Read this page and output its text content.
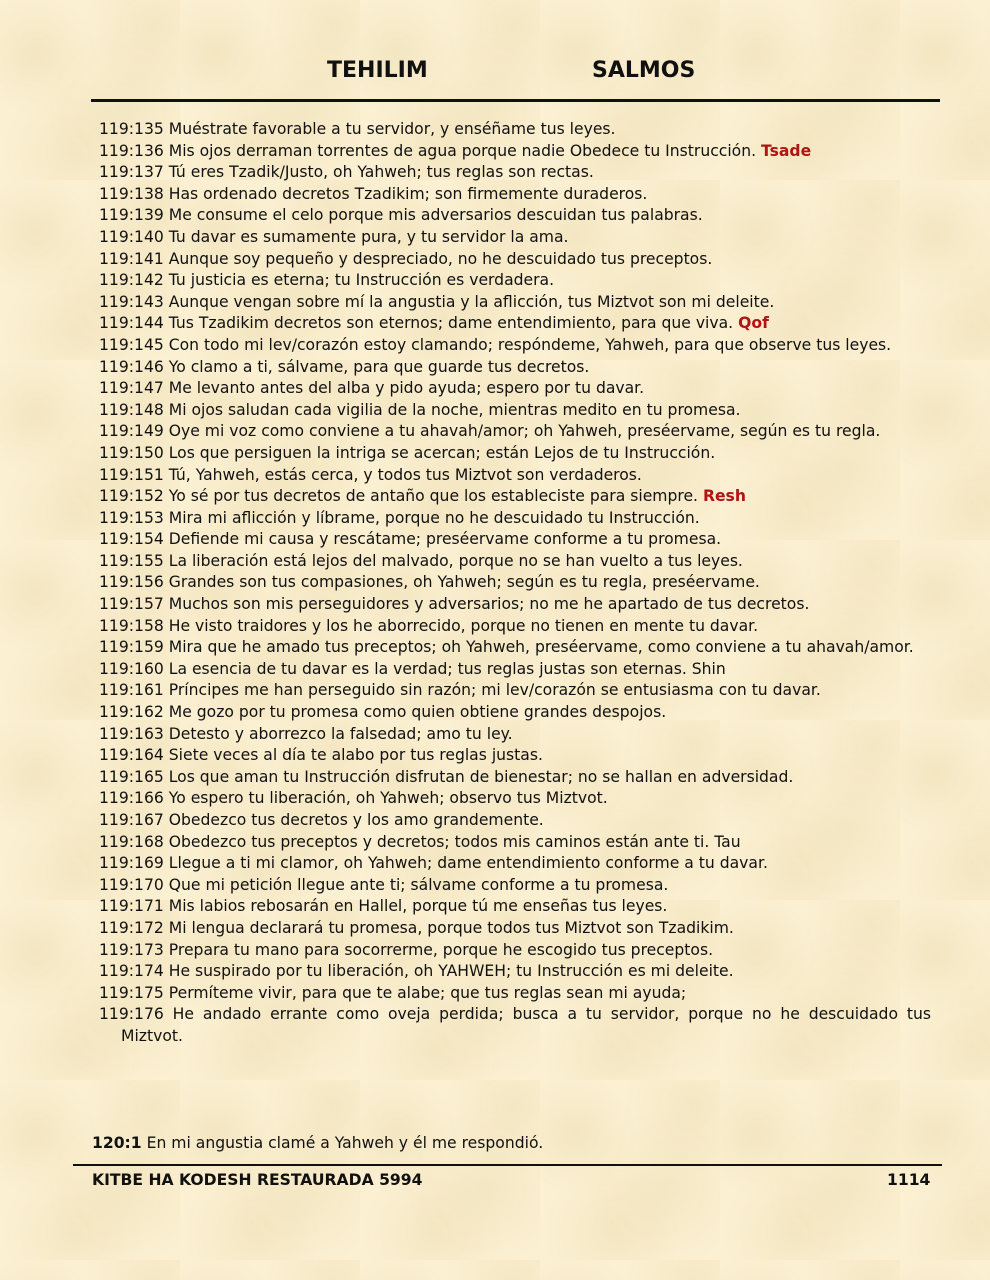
TEHILIM	SALMOS
119:135 Muéstrate favorable a tu servidor, y enséñame tus leyes.
119:136 Mis ojos derraman torrentes de agua porque nadie Obedece tu Instrucción. Tsade
119:137 Tú eres Tzadik/Justo, oh Yahweh; tus reglas son rectas.
119:138 Has ordenado decretos Tzadikim; son firmemente duraderos.
119:139 Me consume el celo porque mis adversarios descuidan tus palabras.
119:140 Tu davar es sumamente pura, y tu servidor la ama.
119:141 Aunque soy pequeño y despreciado, no he descuidado tus preceptos.
119:142 Tu justicia es eterna; tu Instrucción es verdadera.
119:143 Aunque vengan sobre mí la angustia y la aflicción, tus Miztvot son mi deleite.
119:144 Tus Tzadikim decretos son eternos; dame entendimiento, para que viva. Qof
119:145 Con todo mi lev/corazón estoy clamando; respóndeme, Yahweh, para que observe tus leyes.
119:146 Yo clamo a ti, sálvame, para que guarde tus decretos.
119:147 Me levanto antes del alba y pido ayuda; espero por tu davar.
119:148 Mi ojos saludan cada vigilia de la noche, mientras medito en tu promesa.
119:149 Oye mi voz como conviene a tu ahavah/amor; oh Yahweh, preséervame, según es tu regla.
119:150 Los que persiguen la intriga se acercan; están Lejos de tu Instrucción.
119:151 Tú, Yahweh, estás cerca, y todos tus Miztvot son verdaderos.
119:152 Yo sé por tus decretos de antaño que los estableciste para siempre. Resh
119:153 Mira mi aflicción y líbrame, porque no he descuidado tu Instrucción.
119:154 Defiende mi causa y rescátame; preséervame conforme a tu promesa.
119:155 La liberación está lejos del malvado, porque no se han vuelto a tus leyes.
119:156 Grandes son tus compasiones, oh Yahweh; según es tu regla, preséervame.
119:157 Muchos son mis perseguidores y adversarios; no me he apartado de tus decretos.
119:158 He visto traidores y los he aborrecido, porque no tienen en mente tu davar.
119:159 Mira que he amado tus preceptos; oh Yahweh, preséervame, como conviene a tu ahavah/amor.
119:160 La esencia de tu davar es la verdad; tus reglas justas son eternas. Shin
119:161 Príncipes me han perseguido sin razón; mi lev/corazón se entusiasma con tu davar.
119:162 Me gozo por tu promesa como quien obtiene grandes despojos.
119:163 Detesto y aborrezco la falsedad; amo tu ley.
119:164 Siete veces al día te alabo por tus reglas justas.
119:165 Los que aman tu Instrucción disfrutan de bienestar; no se hallan en adversidad.
119:166 Yo espero tu liberación, oh Yahweh; observo tus Miztvot.
119:167 Obedezco tus decretos y los amo grandemente.
119:168 Obedezco tus preceptos y decretos; todos mis caminos están ante ti. Tau
119:169 Llegue a ti mi clamor, oh Yahweh; dame entendimiento conforme a tu davar.
119:170 Que mi petición llegue ante ti; sálvame conforme a tu promesa.
119:171 Mis labios rebosarán en Hallel, porque tú me enseñas tus leyes.
119:172 Mi lengua declarará tu promesa, porque todos tus Miztvot son Tzadikim.
119:173 Prepara tu mano para socorrerme, porque he escogido tus preceptos.
119:174 He suspirado por tu liberación, oh YAHWEH; tu Instrucción es mi deleite.
119:175 Permíteme vivir, para que te alabe; que tus reglas sean mi ayuda;
119:176 He andado errante como oveja perdida; busca a tu servidor, porque no he descuidado tus Miztvot.
120:1 En mi angustia clamé a Yahweh y él me respondió.
KITBE HA KODESH RESTAURADA 5994	1114
